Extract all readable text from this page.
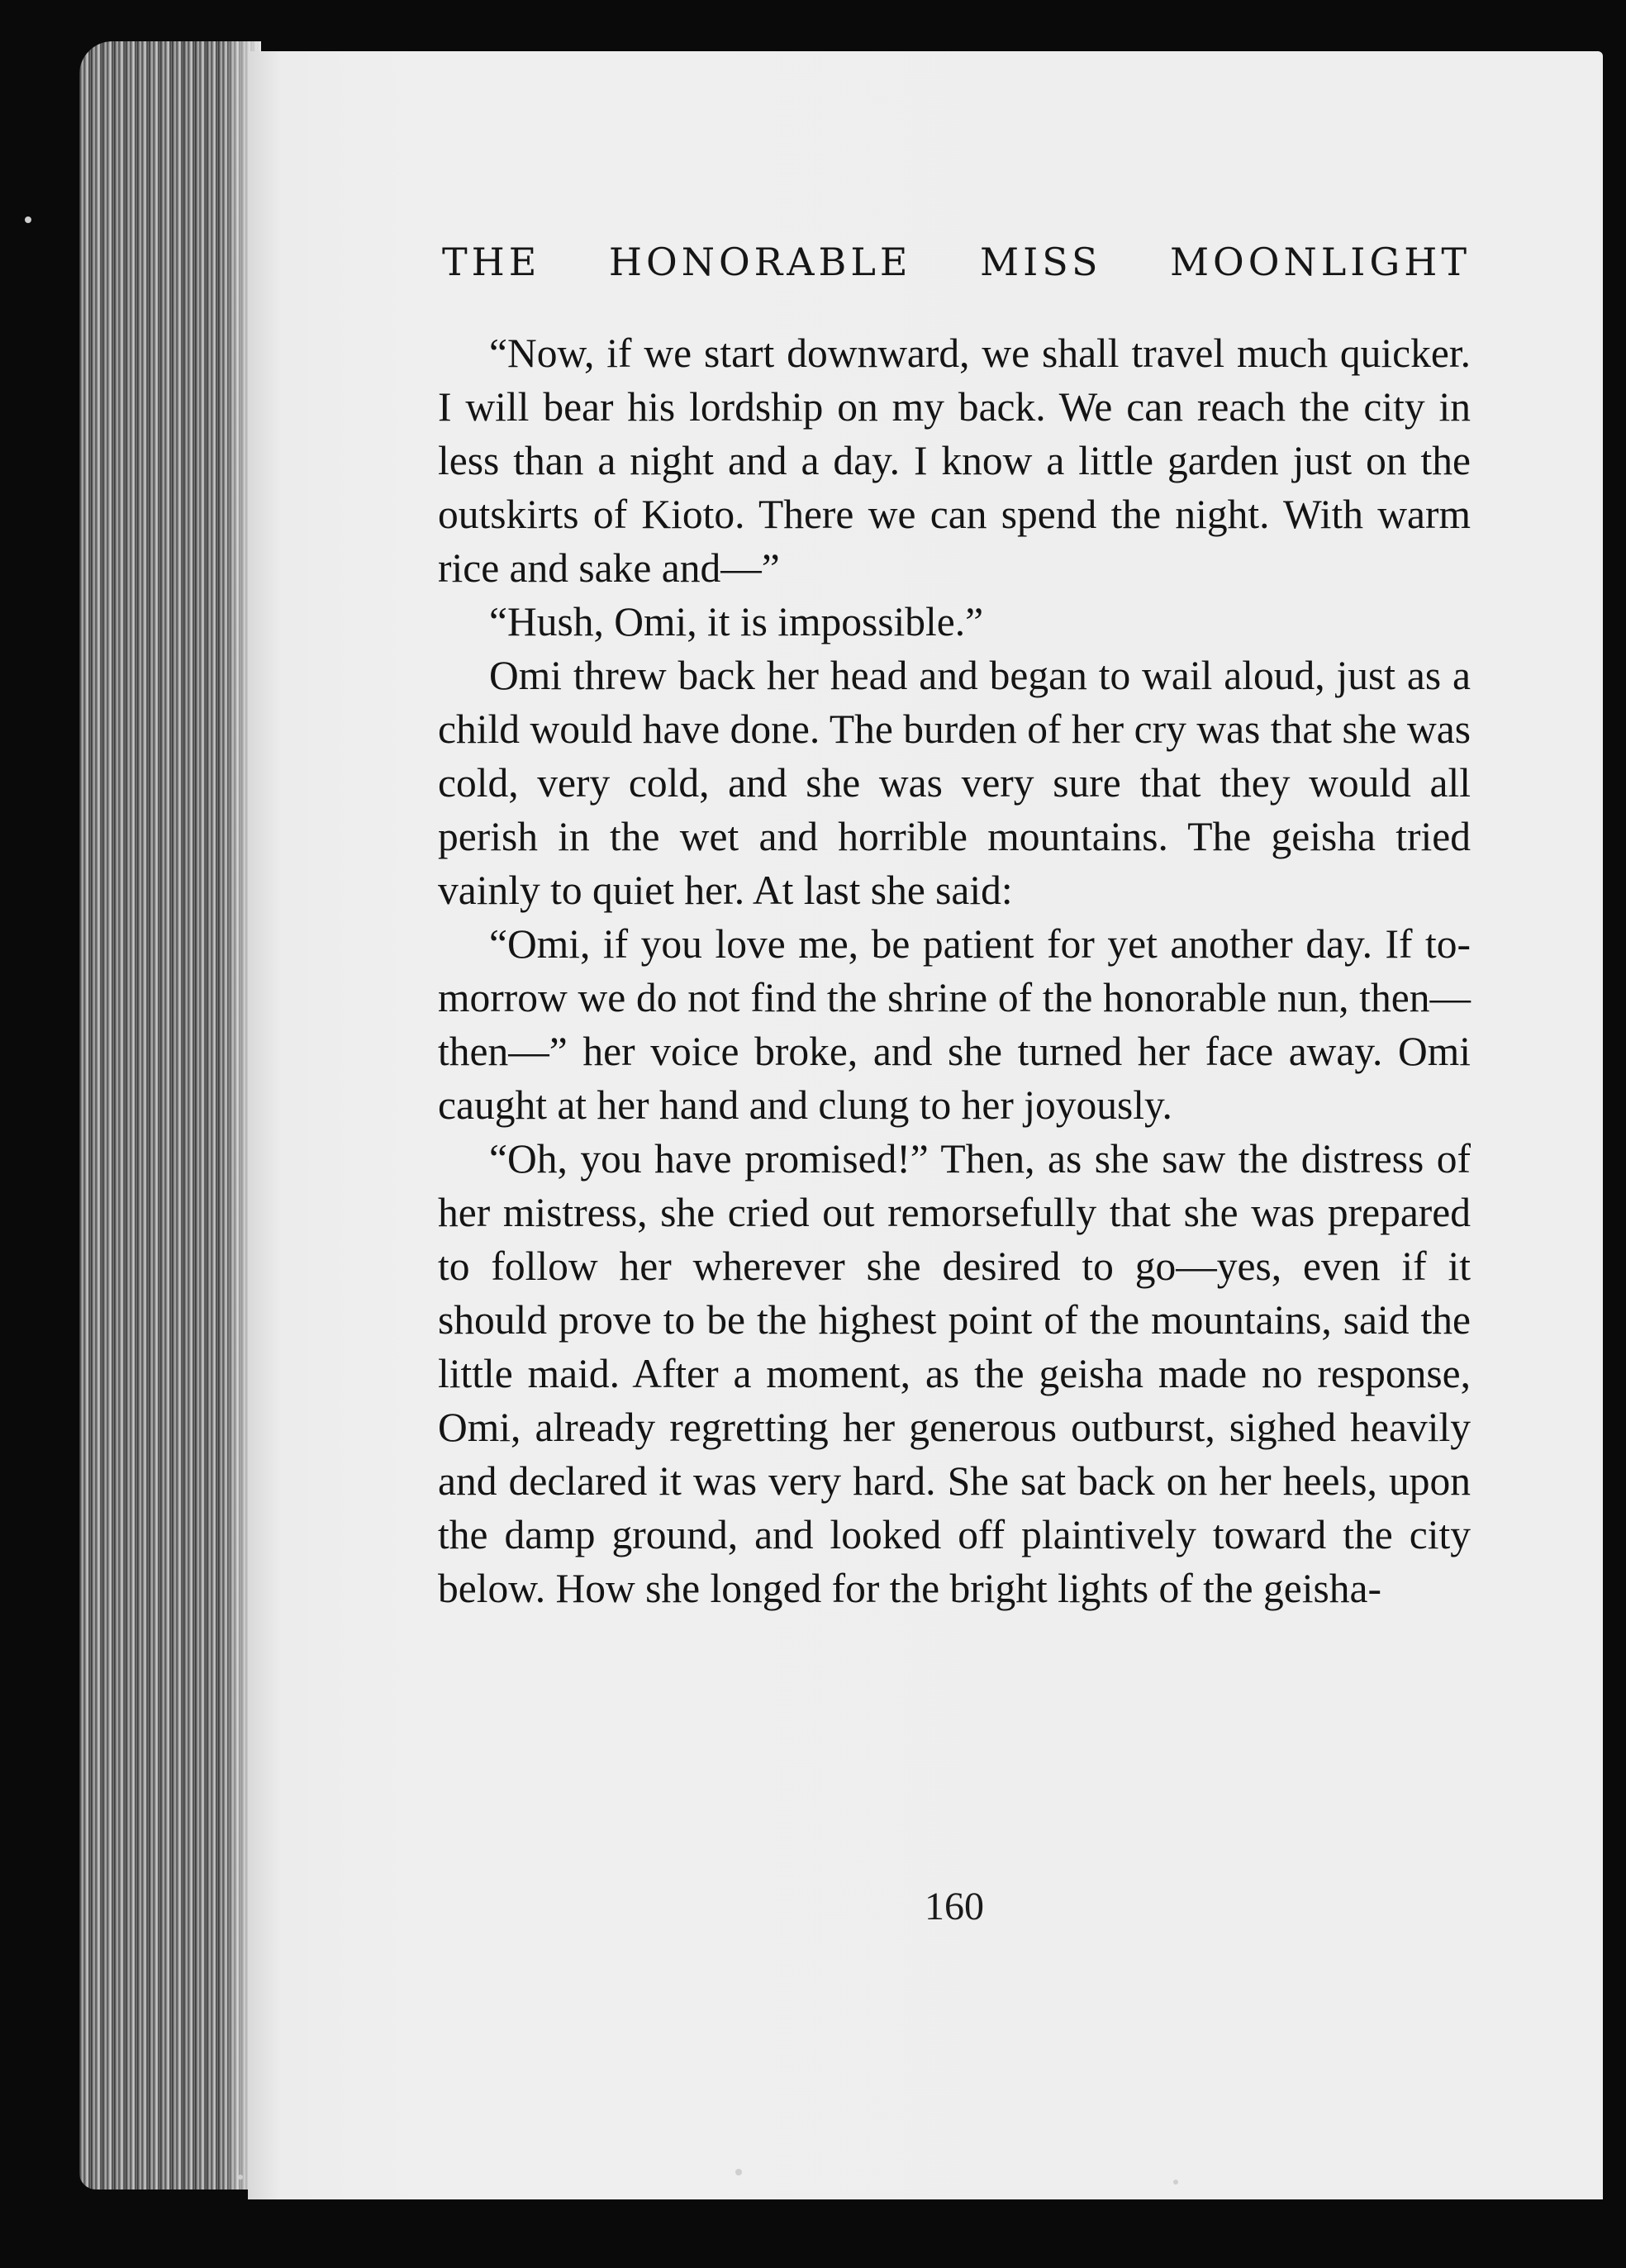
THE HONORABLE MISS MOONLIGHT

“Now, if we start downward, we shall travel much quicker. I will bear his lordship on my back. We can reach the city in less than a night and a day. I know a little garden just on the outskirts of Kioto. There we can spend the night. With warm rice and sake and—”

“Hush, Omi, it is impossible.”

Omi threw back her head and began to wail aloud, just as a child would have done. The burden of her cry was that she was cold, very cold, and she was very sure that they would all perish in the wet and horrible mountains. The geisha tried vainly to quiet her. At last she said:

“Omi, if you love me, be patient for yet another day. If to-morrow we do not find the shrine of the honorable nun, then—then—” her voice broke, and she turned her face away. Omi caught at her hand and clung to her joyously.

“Oh, you have promised!” Then, as she saw the distress of her mistress, she cried out remorsefully that she was prepared to follow her wherever she desired to go—yes, even if it should prove to be the highest point of the mountains, said the little maid. After a moment, as the geisha made no response, Omi, already regretting her generous outburst, sighed heavily and declared it was very hard. She sat back on her heels, upon the damp ground, and looked off plaintively toward the city below. How she longed for the bright lights of the geisha-

160
